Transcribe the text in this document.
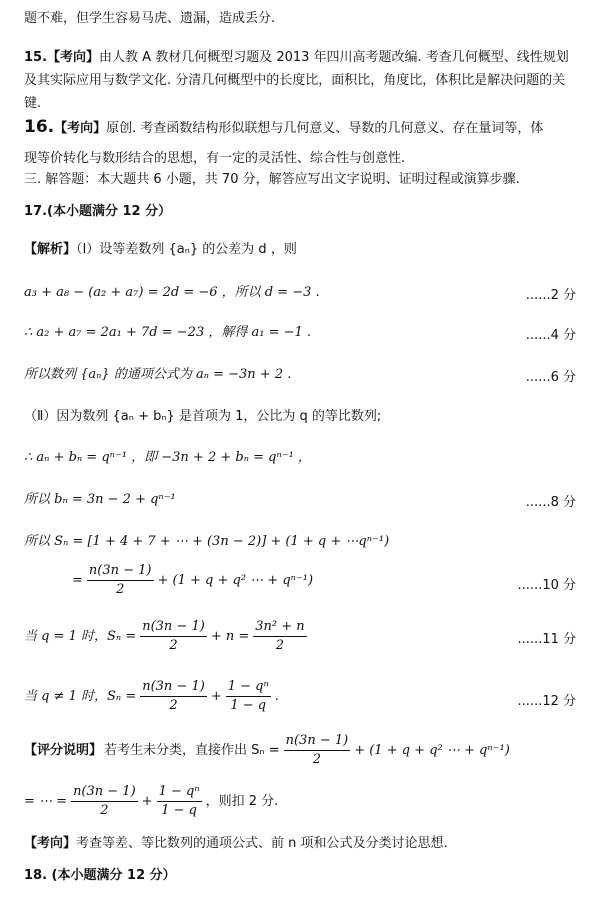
题不难，但学生容易马虎、遗漏，造成丢分.
15.【考向】由人教 A 教材几何概型习题及 2013 年四川高考题改编. 考查几何概型、线性规划及其实际应用与数学文化. 分清几何概型中的长度比，面积比，角度比，体积比是解决问题的关键.
16.【考向】原创. 考查函数结构形似联想与几何意义、导数的几何意义、存在量词等，体
现等价转化与数形结合的思想，有一定的灵活性、综合性与创意性.
三. 解答题：本大题共 6 小题，共 70 分，解答应写出文字说明、证明过程或演算步骤.
17.(本小题满分 12 分）
【解析】（Ⅰ）设等差数列 {aₙ} 的公差为 d ，则
a₃ + a₈ − (a₂ + a₇) = 2d = −6 ，所以 d = −3 .	......2 分
∴ a₂ + a₇ = 2a₁ + 7d = −23 ，解得 a₁ = −1 .	......4 分
所以数列 {aₙ} 的通项公式为 aₙ = −3n + 2 .	......6 分
（Ⅱ）因为数列 {aₙ + bₙ} 是首项为 1，公比为 q 的等比数列;
∴ aₙ + bₙ = qⁿ⁻¹ ，即 −3n + 2 + bₙ = qⁿ⁻¹ ，
所以 bₙ = 3n − 2 + qⁿ⁻¹	......8 分
所以 Sₙ = [1 + 4 + 7 + ⋯ + (3n − 2)] + (1 + q + ⋯qⁿ⁻¹)
= $\frac{n(3n - 1)}{2} + (1 + q + q^2$ ⋯ + qⁿ⁻¹)	......10 分
当 q = 1 时，$S_n = \frac{n(3n - 1)}{2} + n = \frac{\text{3n² + n}}{2}$	......11 分
当 q ≠ 1 时，$S_n = \frac{n(3n - 1)}{2} + \frac{\text{1 − qⁿ}}{1 - q}$ .	......12 分
【评分说明】 若考生未分类，直接作出 $S_n = \frac{n(3n - 1)}{2} + (1 + q + q^2$ ⋯ + qⁿ⁻¹)
= ⋯ = $\frac{n(3n - 1)}{2} + \frac{\text{1 − qⁿ}}{1 - q}$ ，则扣 2 分.
【考向】考查等差、等比数列的通项公式、前 n 项和公式及分类讨论思想.
18. (本小题满分 12 分）
